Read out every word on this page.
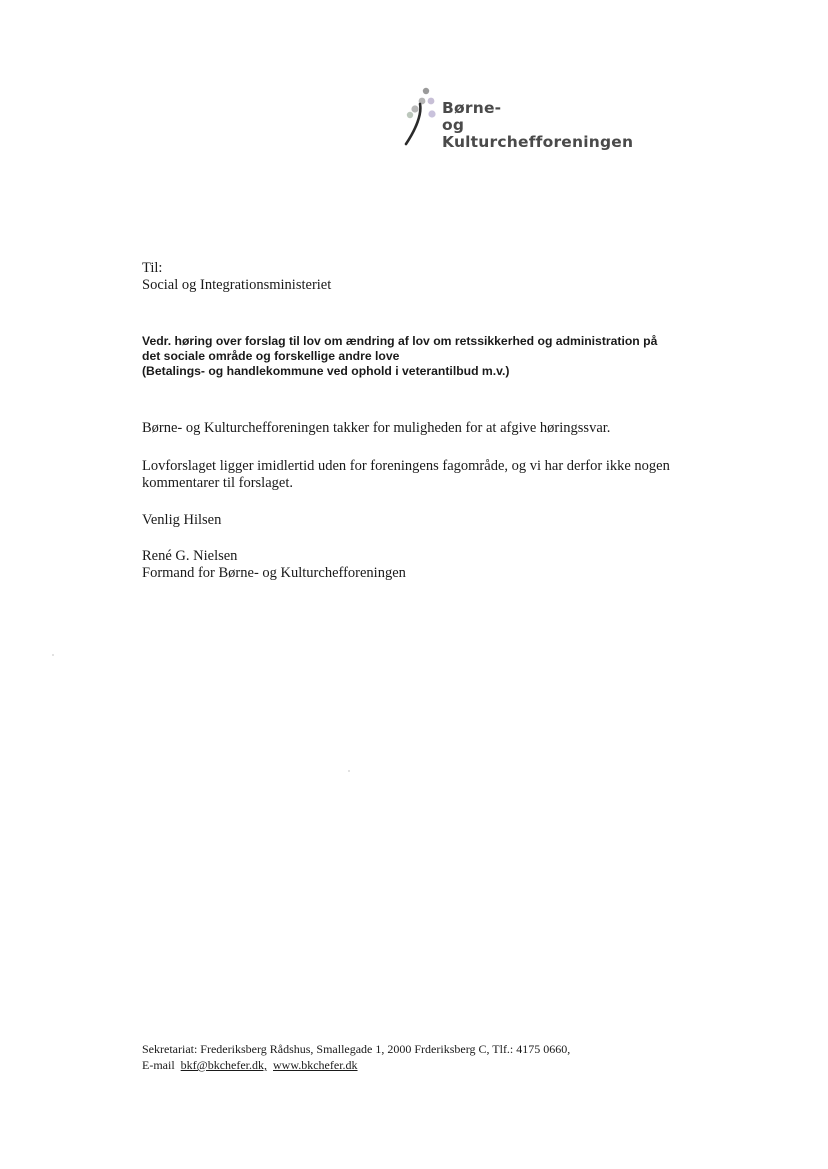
Børne-
og Kulturchefforeningen
Til:
Social og Integrationsministeriet
Vedr. høring over forslag til lov om ændring af lov om retssikkerhed og administration på
det sociale område og forskellige andre love
(Betalings- og handlekommune ved ophold i veterantilbud m.v.)
Børne- og Kulturchefforeningen takker for muligheden for at afgive høringssvar.
Lovforslaget ligger imidlertid uden for foreningens fagområde, og vi har derfor ikke nogen
kommentarer til forslaget.
Venlig Hilsen
René G. Nielsen
Formand for Børne- og Kulturchefforeningen
Sekretariat: Frederiksberg Rådshus, Smallegade 1, 2000 Frderiksberg C, Tlf.: 4175 0660,
E-mail bkf@bkchefer.dk, www.bkchefer.dk
